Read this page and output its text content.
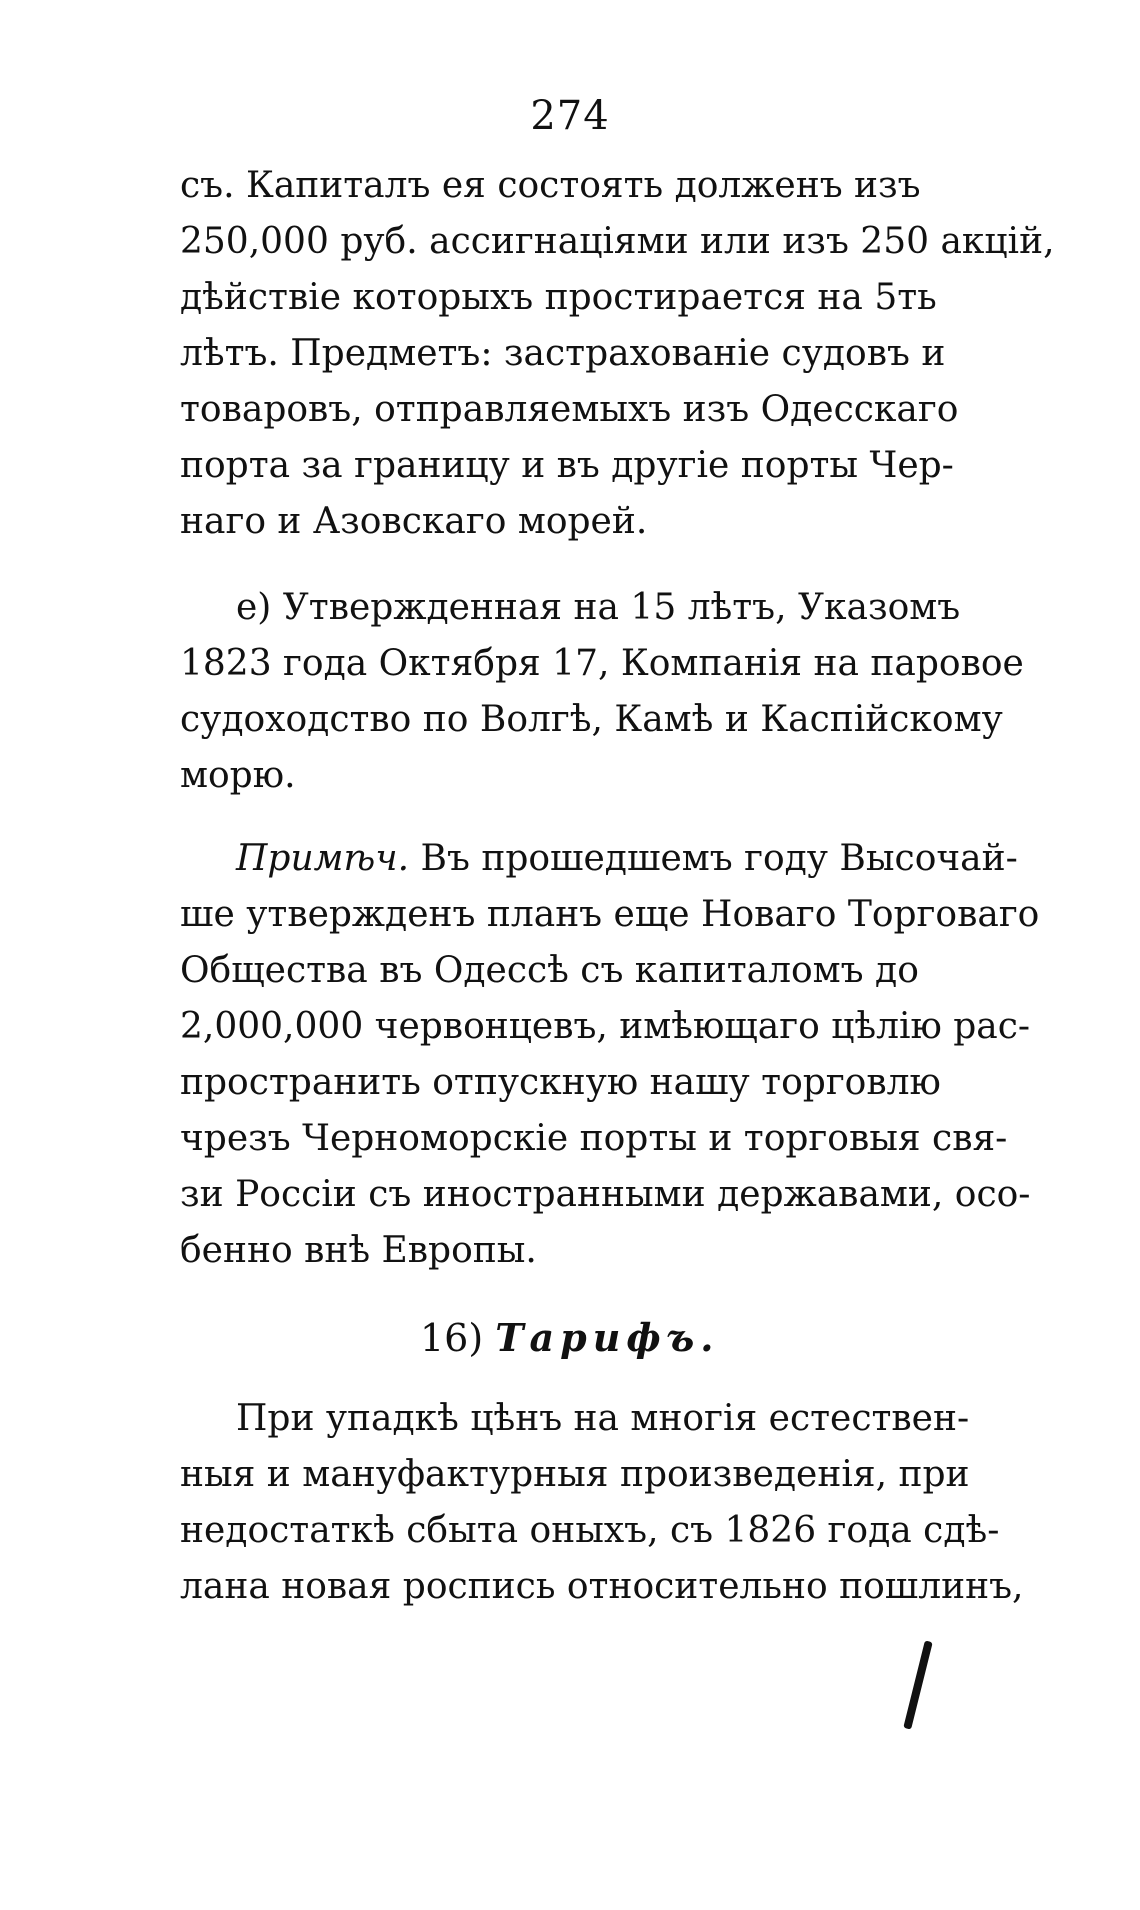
274
съ. Капиталъ ея состоять долженъ изъ
250,000 руб. ассигнацiями или изъ 250 акцiй,
дѣйствiе которыхъ простирается на 5ть
лѣтъ. Предметъ: застрахованiе судовъ и
товаровъ, отправляемыхъ изъ Одесскаго
порта за границу и въ другiе порты Чер-
наго и Азовскаго морей.
е) Утвержденная на 15 лѣтъ, Указомъ
1823 года Октября 17, Компанiя на паровое
судоходство по Волгѣ, Камѣ и Каспiйскому
морю.
Примѣч. Въ прошедшемъ году Высочай-
ше утвержденъ планъ еще Новаго Торговаго
Общества въ Одессѣ съ капиталомъ до
2,000,000 червонцевъ, имѣющаго цѣлiю рас-
пространить отпускную нашу торговлю
чрезъ Черноморскiе порты и торговыя свя-
зи Россiи съ иностранными державами, осо-
бенно внѣ Европы.
16) Тарифъ.
При упадкѣ цѣнъ на многiя естествен-
ныя и мануфактурныя произведенiя, при
недостаткѣ сбыта оныхъ, съ 1826 года сдѣ-
лана новая роспись относительно пошлинъ,
